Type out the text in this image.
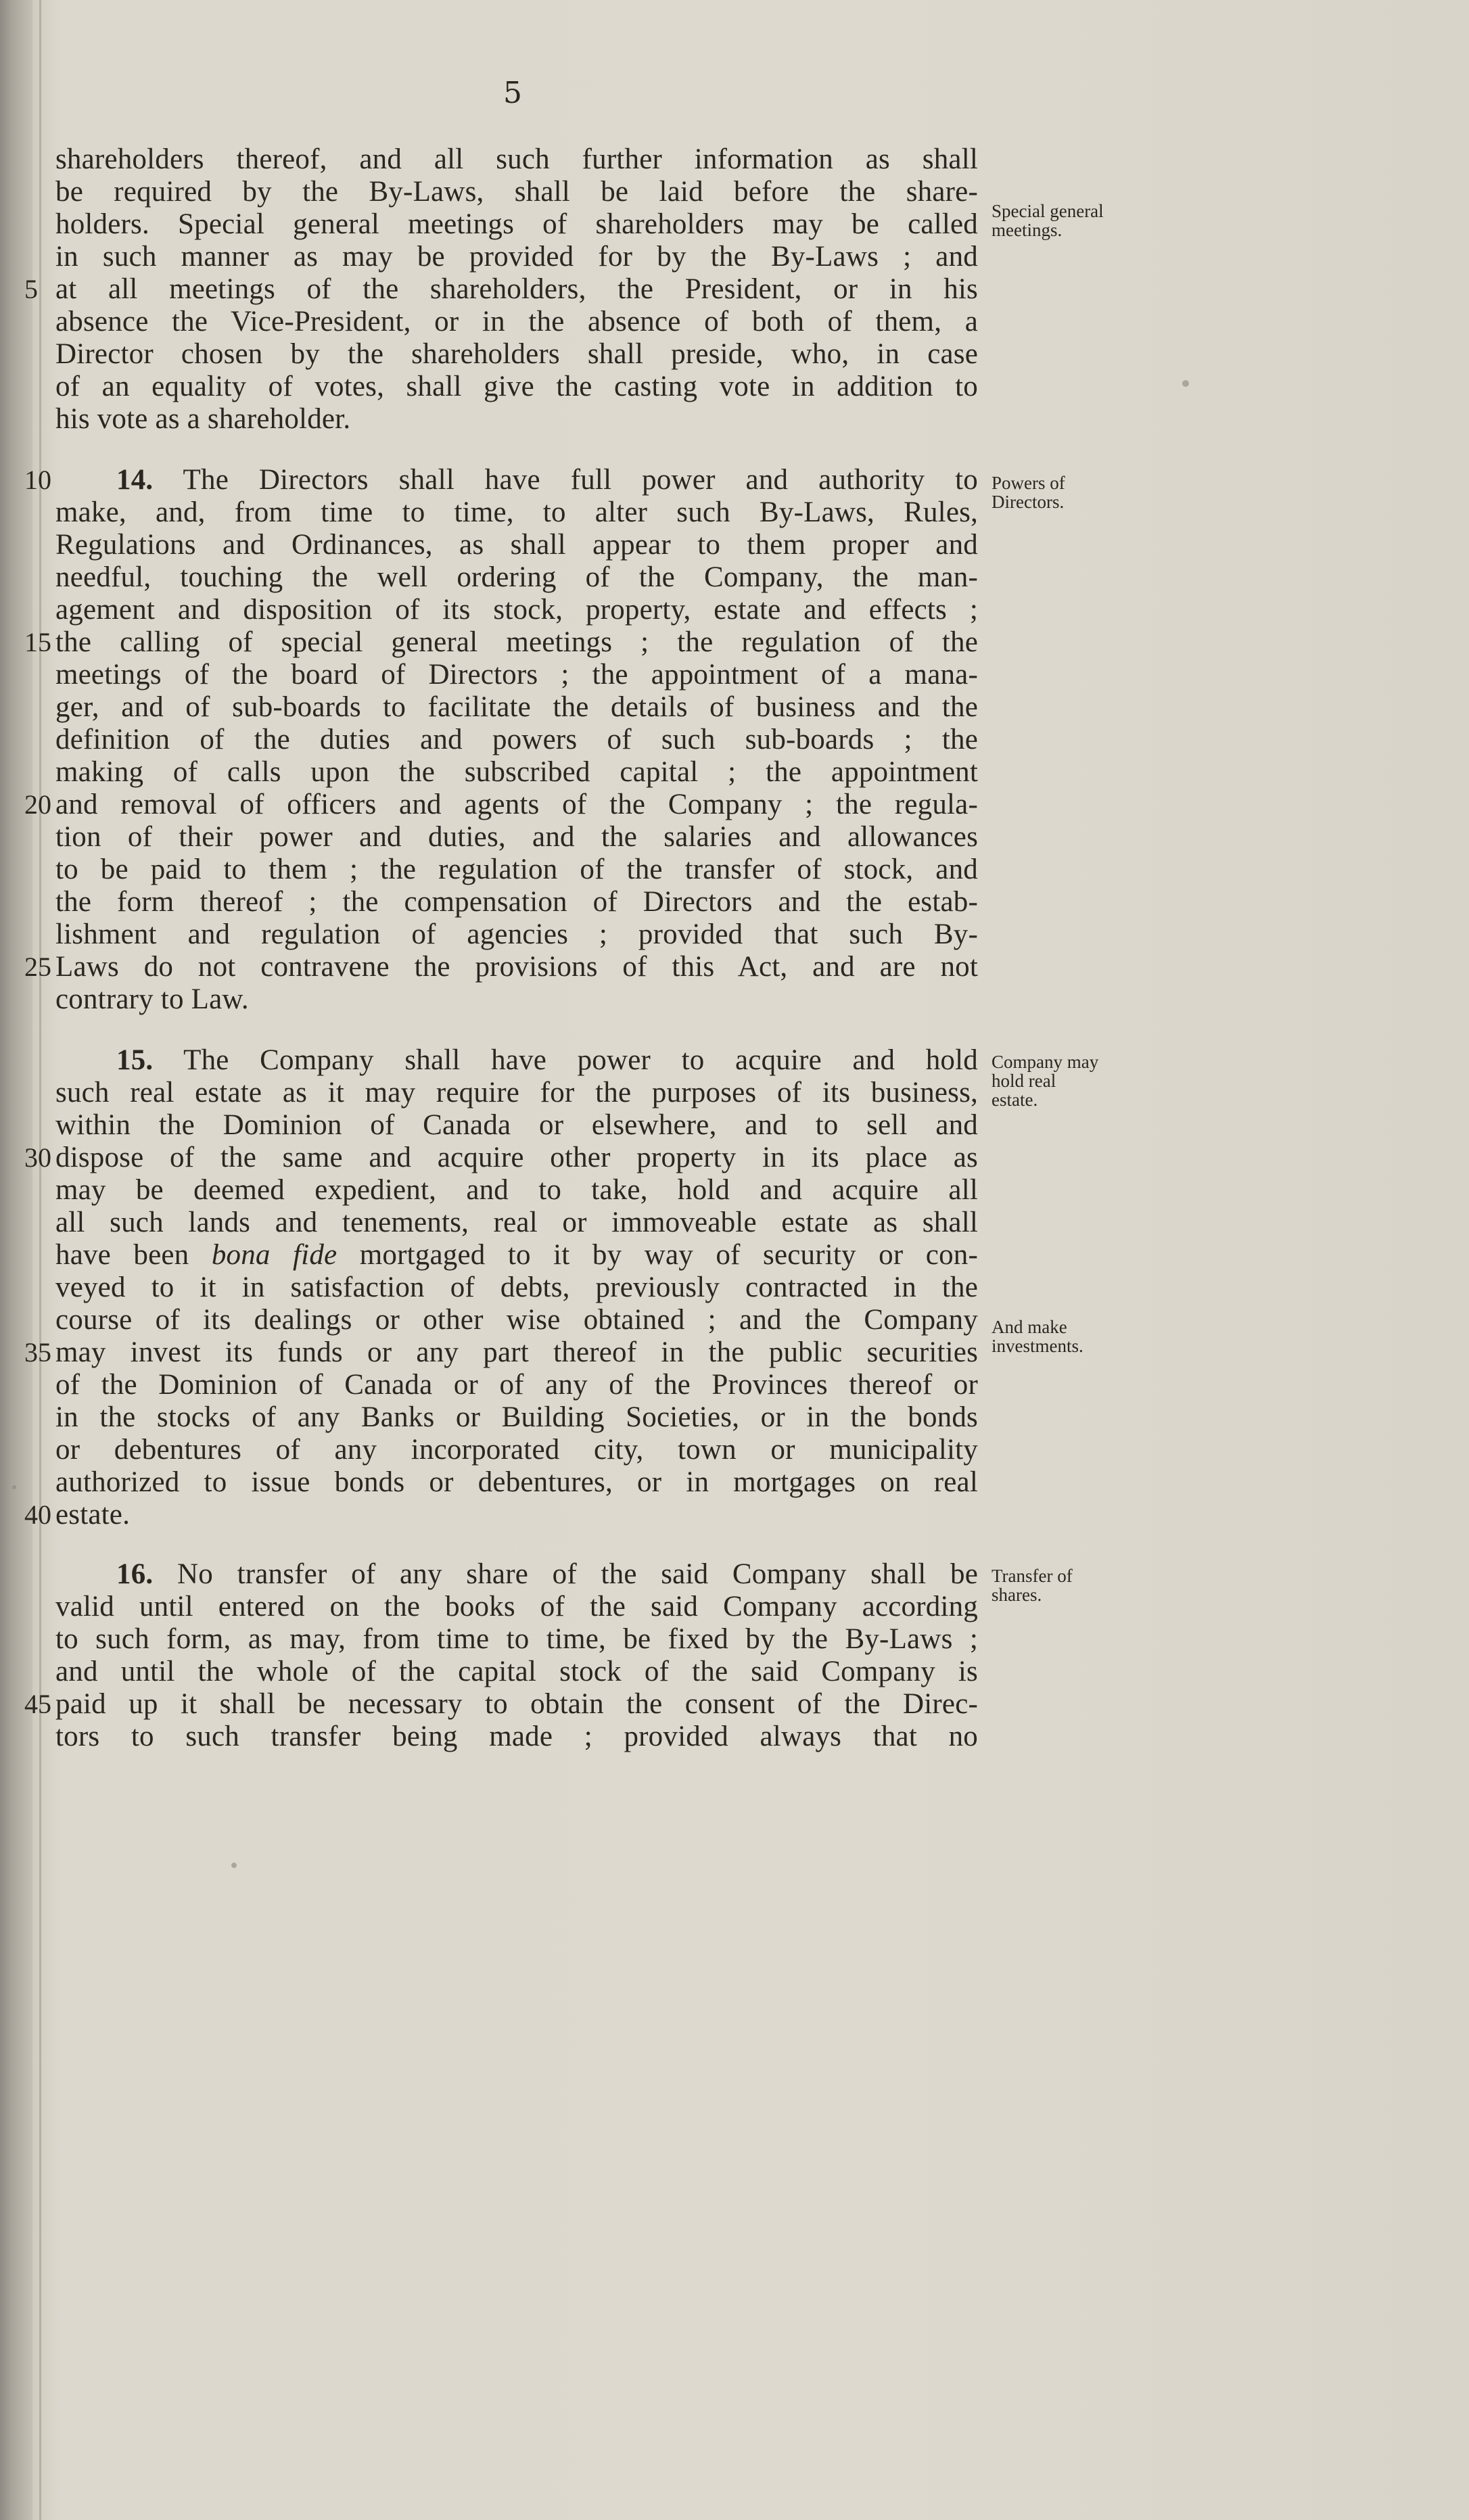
5
shareholders thereof, and all such further information as shall
be required by the By-Laws, shall be laid before the share-
holders. Special general meetings of shareholders may be called
in such manner as may be provided for by the By-Laws ; and
at all meetings of the shareholders, the President, or in his
absence the Vice-President, or in the absence of both of them, a
Director chosen by the shareholders shall preside, who, in case
of an equality of votes, shall give the casting vote in addition to
his vote as a shareholder.
14. The Directors shall have full power and authority to
make, and, from time to time, to alter such By-Laws, Rules,
Regulations and Ordinances, as shall appear to them proper and
needful, touching the well ordering of the Company, the man-
agement and disposition of its stock, property, estate and effects ;
the calling of special general meetings ; the regulation of the
meetings of the board of Directors ; the appointment of a mana-
ger, and of sub-boards to facilitate the details of business and the
definition of the duties and powers of such sub-boards ; the
making of calls upon the subscribed capital ; the appointment
and removal of officers and agents of the Company ; the regula-
tion of their power and duties, and the salaries and allowances
to be paid to them ; the regulation of the transfer of stock, and
the form thereof ; the compensation of Directors and the estab-
lishment and regulation of agencies ; provided that such By-
Laws do not contravene the provisions of this Act, and are not
contrary to Law.
15. The Company shall have power to acquire and hold
such real estate as it may require for the purposes of its business,
within the Dominion of Canada or elsewhere, and to sell and
dispose of the same and acquire other property in its place as
may be deemed expedient, and to take, hold and acquire all
all such lands and tenements, real or immoveable estate as shall
have been bona fide mortgaged to it by way of security or con-
veyed to it in satisfaction of debts, previously contracted in the
course of its dealings or other wise obtained ; and the Company
may invest its funds or any part thereof in the public securities
of the Dominion of Canada or of any of the Provinces thereof or
in the stocks of any Banks or Building Societies, or in the bonds
or debentures of any incorporated city, town or municipality
authorized to issue bonds or debentures, or in mortgages on real
estate.
16. No transfer of any share of the said Company shall be
valid until entered on the books of the said Company according
to such form, as may, from time to time, be fixed by the By-Laws ;
and until the whole of the capital stock of the said Company is
paid up it shall be necessary to obtain the consent of the Direc-
tors to such transfer being made ; provided always that no
5
10
15
20
25
30
35
40
45
Special general
meetings.
Powers of
Directors.
Company may
hold real
estate.
And make
investments.
Transfer of
shares.
